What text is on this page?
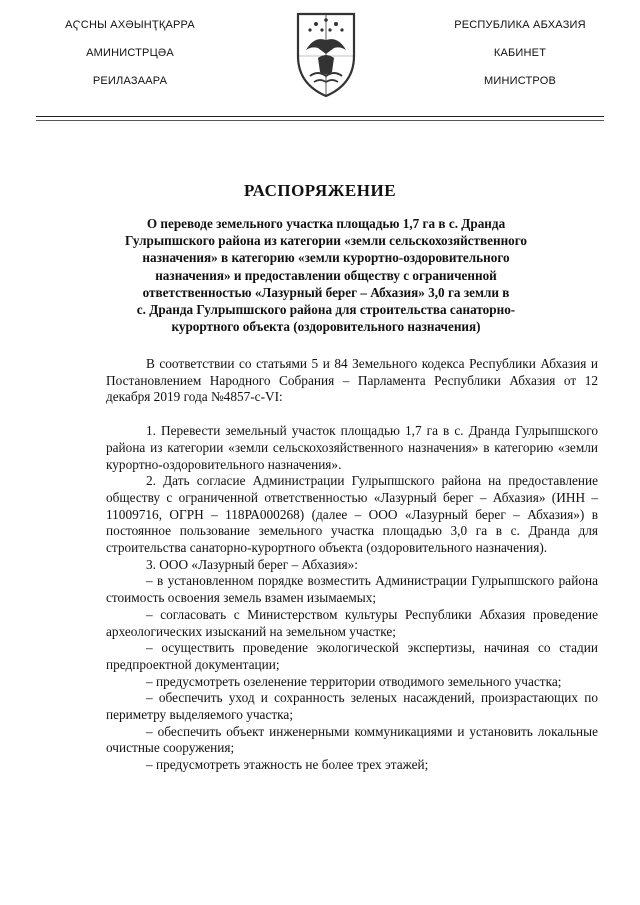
АҀСНЫ АХӘЫНҬҚАРРА
АМИНИСТРЦӘА
РЕИЛАЗААРА
РЕСПУБЛИКА АБХАЗИЯ
КАБИНЕТ
МИНИСТРОВ
РАСПОРЯЖЕНИЕ
О переводе земельного участка площадью 1,7 га в с. Дранда
Гулрыпшского района из категории «земли сельскохозяйственного
назначения» в категорию «земли курортно-оздоровительного
назначения» и предоставлении обществу с ограниченной
ответственностью «Лазурный берег – Абхазия» 3,0 га земли в
с. Дранда Гулрыпшского района для строительства санаторно-
курортного объекта (оздоровительного назначения)

В соответствии со статьями 5 и 84 Земельного кодекса Республики Абхазия и Постановлением Народного Собрания – Парламента Республики Абхазия от 12 декабря 2019 года №4857-с-VI:

1. Перевести земельный участок площадью 1,7 га в с. Дранда Гулрыпшского района из категории «земли сельскохозяйственного назначения» в категорию «земли курортно-оздоровительного назначения».

2. Дать согласие Администрации Гулрыпшского района на предоставление обществу с ограниченной ответственностью «Лазурный берег – Абхазия» (ИНН – 11009716, ОГРН – 118РА000268) (далее – ООО «Лазурный берег – Абхазия») в постоянное пользование земельного участка площадью 3,0 га в с. Дранда для строительства санаторно-курортного объекта (оздоровительного назначения).

3. ООО «Лазурный берег – Абхазия»:

– в установленном порядке возместить Администрации Гулрыпшского района стоимость освоения земель взамен изымаемых;

– согласовать с Министерством культуры Республики Абхазия проведение археологических изысканий на земельном участке;

– осуществить проведение экологической экспертизы, начиная со стадии предпроектной документации;

– предусмотреть озеленение территории отводимого земельного участка;

– обеспечить уход и сохранность зеленых насаждений, произрастающих по периметру выделяемого участка;

– обеспечить объект инженерными коммуникациями и установить локальные очистные сооружения;

– предусмотреть этажность не более трех этажей;
